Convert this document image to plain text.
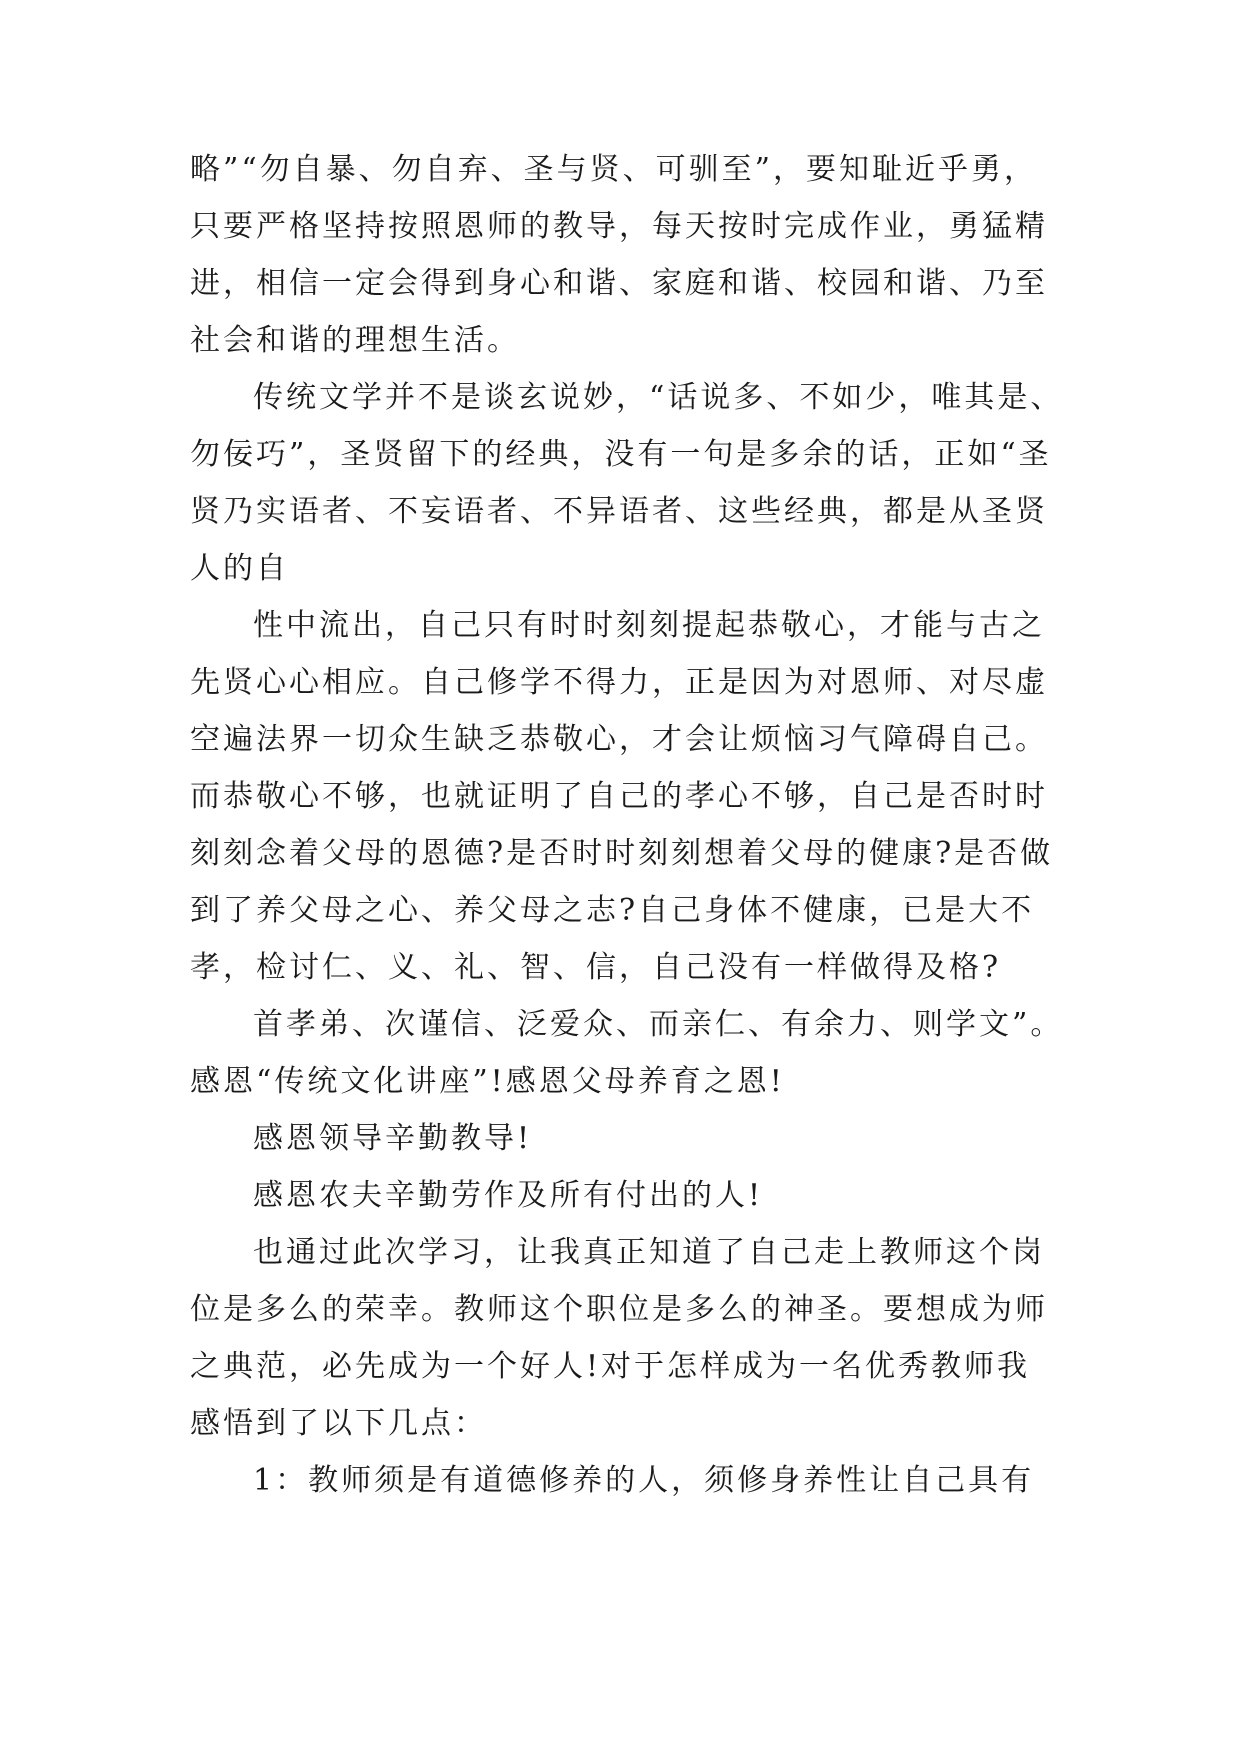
略”“勿自暴、勿自弃、圣与贤、可驯至”，要知耻近乎勇，
只要严格坚持按照恩师的教导，每天按时完成作业，勇猛精
进，相信一定会得到身心和谐、家庭和谐、校园和谐、乃至
社会和谐的理想生活。
传统文学并不是谈玄说妙，“话说多、不如少，唯其是、
勿佞巧”，圣贤留下的经典，没有一句是多余的话，正如“圣
贤乃实语者、不妄语者、不异语者、这些经典，都是从圣贤
人的自
性中流出，自己只有时时刻刻提起恭敬心，才能与古之
先贤心心相应。自己修学不得力，正是因为对恩师、对尽虚
空遍法界一切众生缺乏恭敬心，才会让烦恼习气障碍自己。
而恭敬心不够，也就证明了自己的孝心不够，自己是否时时
刻刻念着父母的恩德?是否时时刻刻想着父母的健康?是否做
到了养父母之心、养父母之志?自己身体不健康，已是大不
孝，检讨仁、义、礼、智、信，自己没有一样做得及格?
首孝弟、次谨信、泛爱众、而亲仁、有余力、则学文”。
感恩“传统文化讲座”!感恩父母养育之恩!
感恩领导辛勤教导!
感恩农夫辛勤劳作及所有付出的人!
也通过此次学习，让我真正知道了自己走上教师这个岗
位是多么的荣幸。教师这个职位是多么的神圣。要想成为师
之典范，必先成为一个好人!对于怎样成为一名优秀教师我
感悟到了以下几点：
1：教师须是有道德修养的人，须修身养性让自己具有
